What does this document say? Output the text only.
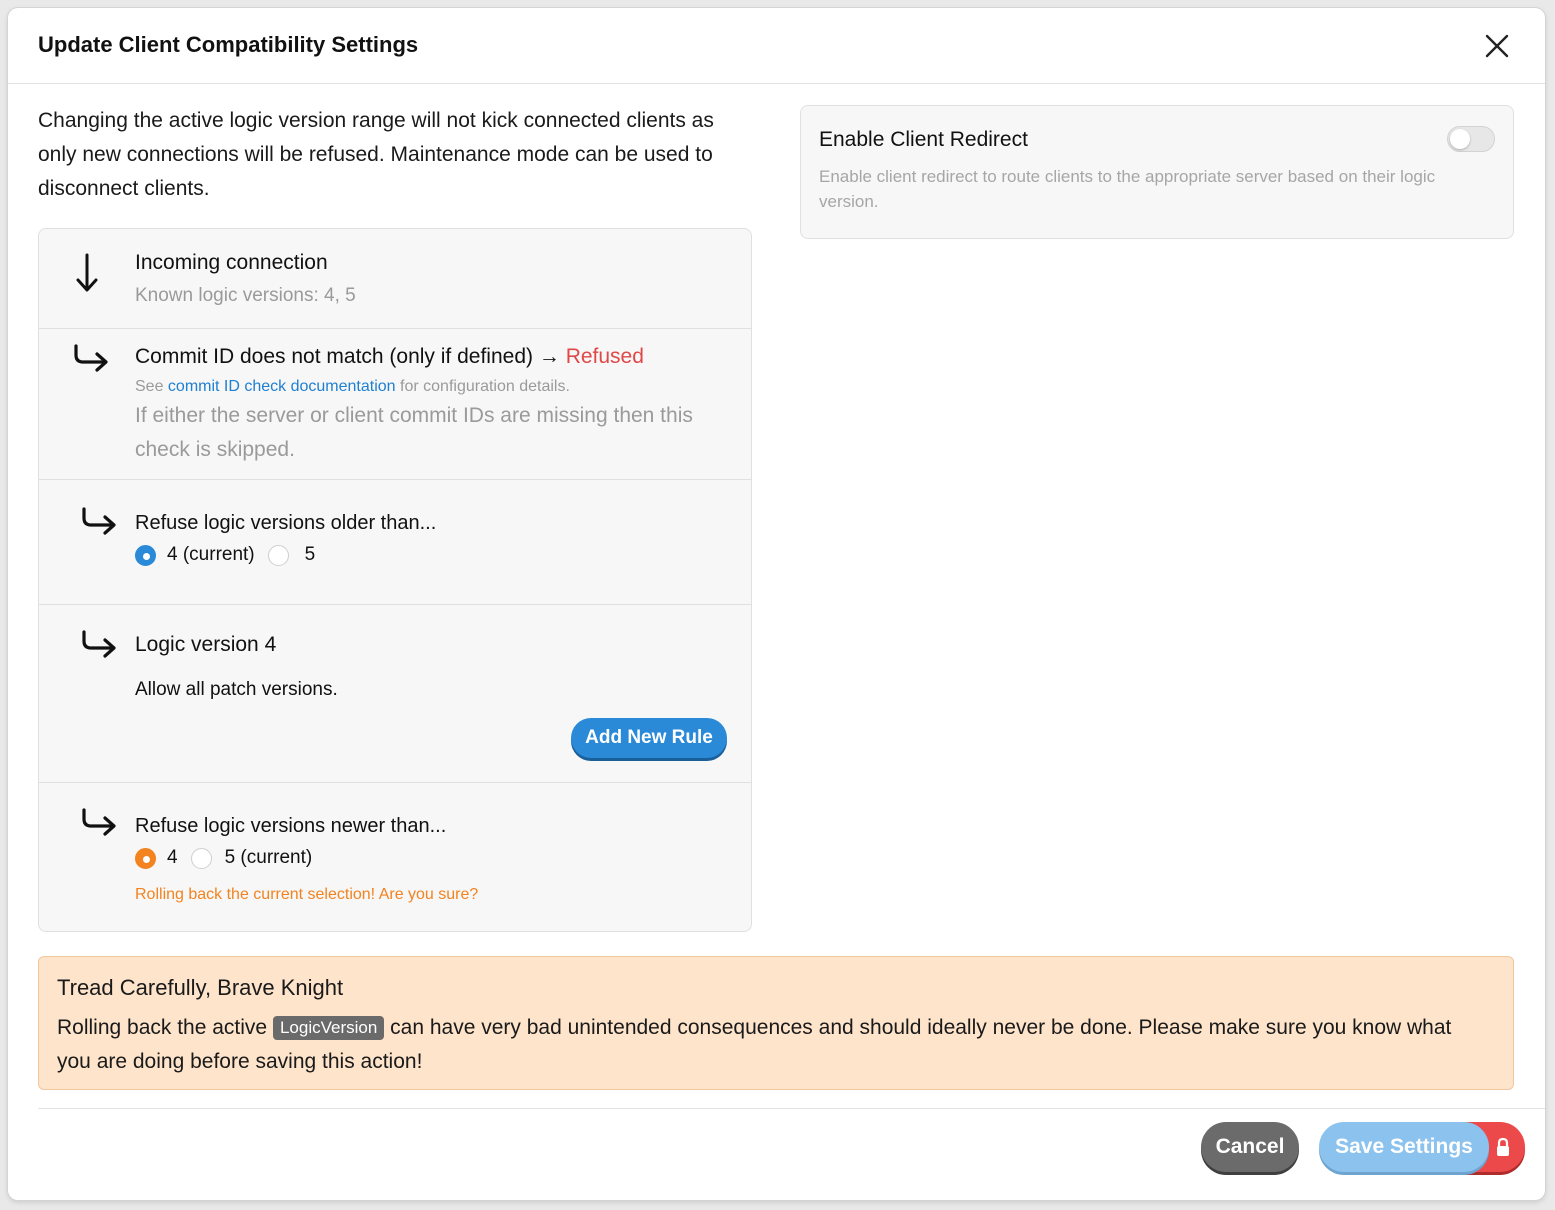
Update Client Compatibility Settings
Changing the active logic version range will not kick connected clients as only new connections will be refused. Maintenance mode can be used to disconnect clients.
Incoming connection
Known logic versions: 4, 5
Commit ID does not match (only if defined) → Refused
See commit ID check documentation for configuration details.
If either the server or client commit IDs are missing then this check is skipped.
Refuse logic versions older than...
4 (current)	5
Logic version 4
Allow all patch versions.
Add New Rule
Refuse logic versions newer than...
4 5 (current)
Rolling back the current selection! Are you sure?
Enable Client Redirect
Enable client redirect to route clients to the appropriate server based on their logic version.
Tread Carefully, Brave Knight
Rolling back the active LogicVersion can have very bad unintended consequences and should ideally never be done. Please make sure you know what you are doing before saving this action!
Cancel	Save Settings
